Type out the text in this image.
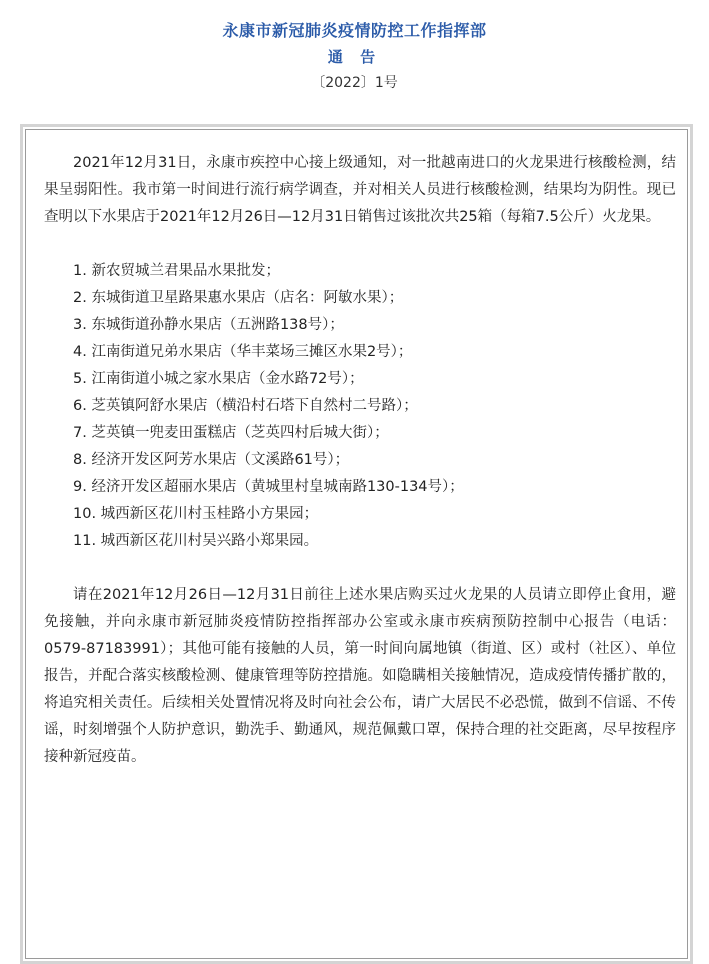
永康市新冠肺炎疫情防控工作指挥部
通 告
〔2022〕1号

2021年12月31日，永康市疾控中心接上级通知，对一批越南进口的火龙果进行核酸检测，结果呈弱阳性。我市第一时间进行流行病学调查，并对相关人员进行核酸检测，结果均为阴性。现已查明以下水果店于2021年12月26日—12月31日销售过该批次共25箱（每箱7.5公斤）火龙果。

1. 新农贸城兰君果品水果批发；
2. 东城街道卫星路果惠水果店（店名：阿敏水果）；
3. 东城街道孙静水果店（五洲路138号）；
4. 江南街道兄弟水果店（华丰菜场三摊区水果2号）；
5. 江南街道小城之家水果店（金水路72号）；
6. 芝英镇阿舒水果店（横沿村石塔下自然村二号路）；
7. 芝英镇一兜麦田蛋糕店（芝英四村后城大街）；
8. 经济开发区阿芳水果店（文溪路61号）；
9. 经济开发区超丽水果店（黄城里村皇城南路130-134号）；
10. 城西新区花川村玉桂路小方果园；
11. 城西新区花川村吴兴路小郑果园。

请在2021年12月26日—12月31日前往上述水果店购买过火龙果的人员请立即停止食用，避免接触，并向永康市新冠肺炎疫情防控指挥部办公室或永康市疾病预防控制中心报告（电话：0579-87183991）；其他可能有接触的人员，第一时间向属地镇（街道、区）或村（社区）、单位报告，并配合落实核酸检测、健康管理等防控措施。如隐瞒相关接触情况，造成疫情传播扩散的，将追究相关责任。后续相关处置情况将及时向社会公布，请广大居民不必恐慌，做到不信谣、不传谣，时刻增强个人防护意识，勤洗手、勤通风，规范佩戴口罩，保持合理的社交距离，尽早按程序接种新冠疫苗。
